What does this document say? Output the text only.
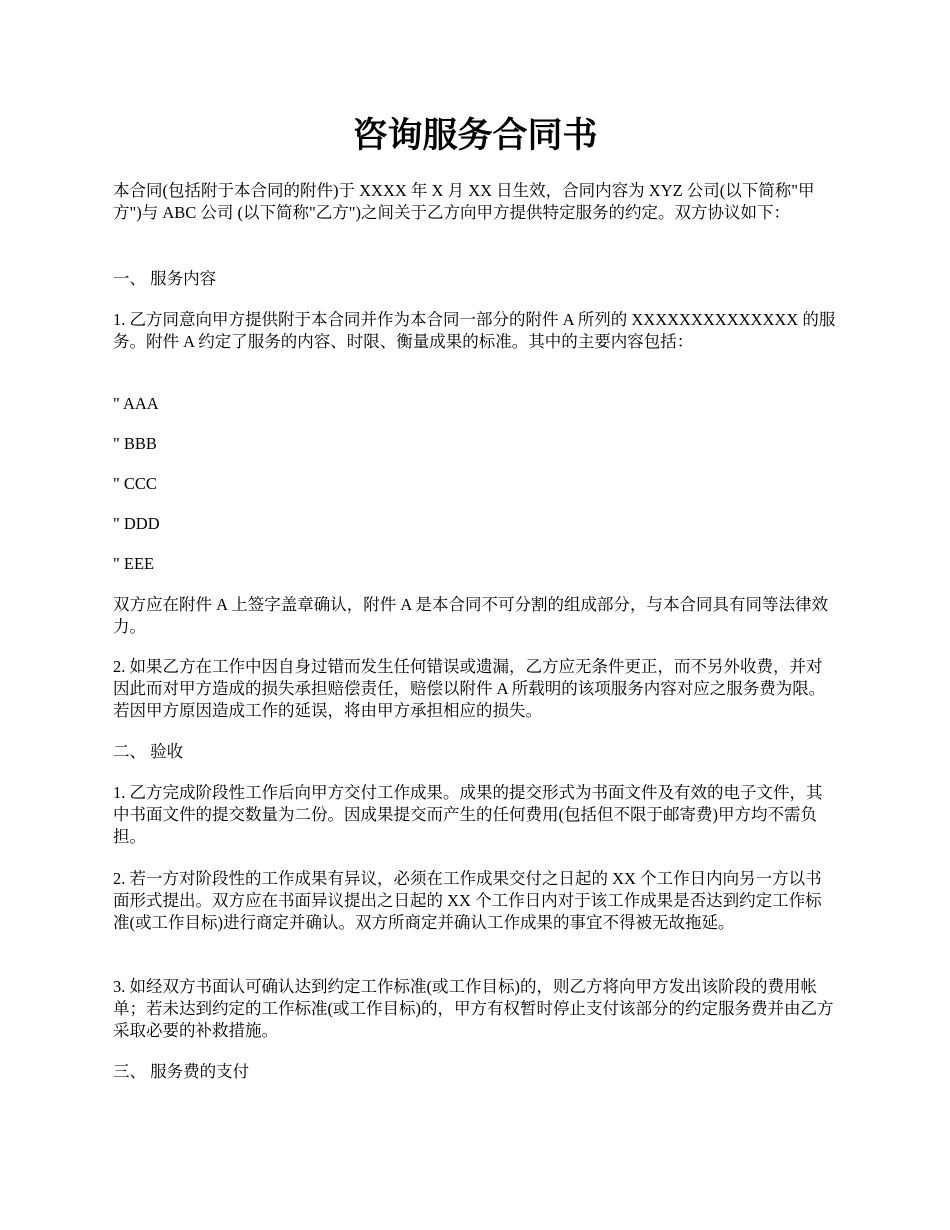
咨询服务合同书

本合同(包括附于本合同的附件)于 XXXX 年 X 月 XX 日生效，合同内容为 XYZ 公司(以下简称"甲方")与 ABC 公司 (以下简称"乙方")之间关于乙方向甲方提供特定服务的约定。双方协议如下：

一、 服务内容

1. 乙方同意向甲方提供附于本合同并作为本合同一部分的附件 A 所列的 XXXXXXXXXXXXXX 的服务。附件 A 约定了服务的内容、时限、衡量成果的标准。其中的主要内容包括：

" AAA

" BBB

" CCC

" DDD

" EEE

双方应在附件 A 上签字盖章确认，附件 A 是本合同不可分割的组成部分，与本合同具有同等法律效力。

2. 如果乙方在工作中因自身过错而发生任何错误或遗漏，乙方应无条件更正，而不另外收费，并对因此而对甲方造成的损失承担赔偿责任，赔偿以附件 A 所载明的该项服务内容对应之服务费为限。若因甲方原因造成工作的延误，将由甲方承担相应的损失。

二、 验收

1. 乙方完成阶段性工作后向甲方交付工作成果。成果的提交形式为书面文件及有效的电子文件，其中书面文件的提交数量为二份。因成果提交而产生的任何费用(包括但不限于邮寄费)甲方均不需负担。

2. 若一方对阶段性的工作成果有异议，必须在工作成果交付之日起的 XX 个工作日内向另一方以书面形式提出。双方应在书面异议提出之日起的 XX 个工作日内对于该工作成果是否达到约定工作标准(或工作目标)进行商定并确认。双方所商定并确认工作成果的事宜不得被无故拖延。

3. 如经双方书面认可确认达到约定工作标准(或工作目标)的，则乙方将向甲方发出该阶段的费用帐单；若未达到约定的工作标准(或工作目标)的，甲方有权暂时停止支付该部分的约定服务费并由乙方采取必要的补救措施。

三、 服务费的支付
